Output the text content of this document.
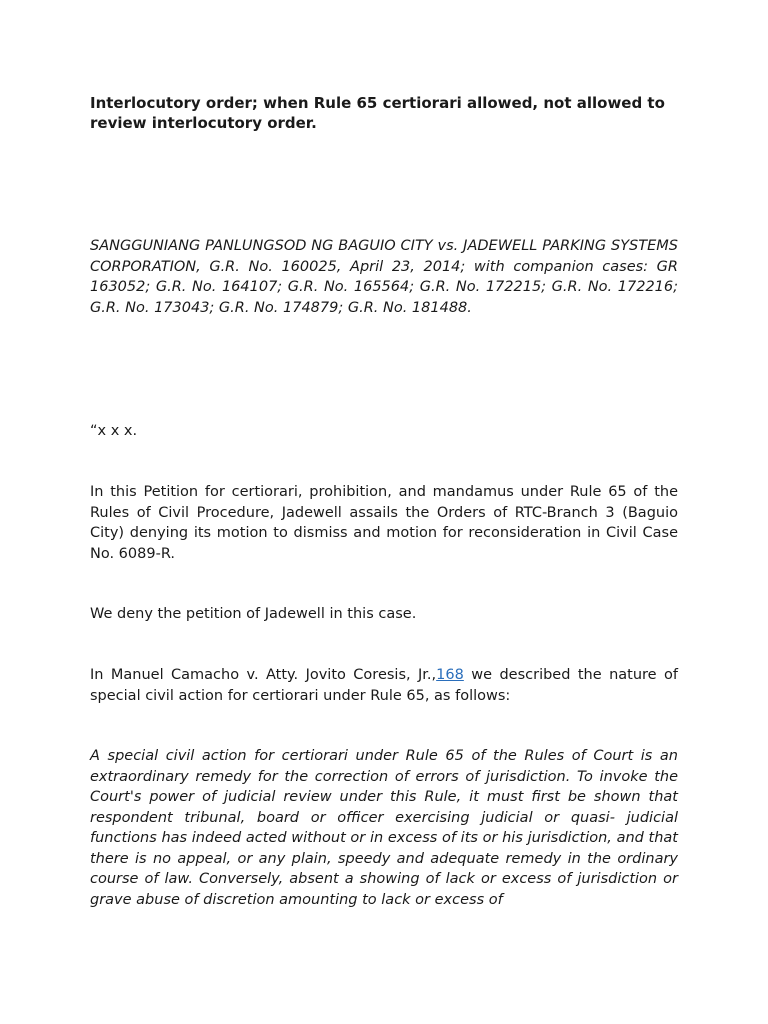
Interlocutory order; when Rule 65 certiorari allowed, not allowed to review interlocutory order.

SANGGUNIANG PANLUNGSOD NG BAGUIO CITY vs. JADEWELL PARKING SYSTEMS CORPORATION, G.R. No. 160025, April 23, 2014; with companion cases: GR 163052; G.R. No. 164107; G.R. No. 165564; G.R. No. 172215; G.R. No. 172216; G.R. No. 173043; G.R. No. 174879; G.R. No. 181488.

“x x x.

In this Petition for certiorari, prohibition, and mandamus under Rule 65 of the Rules of Civil Procedure, Jadewell assails the Orders of RTC-Branch 3 (Baguio City) denying its motion to dismiss and motion for reconsideration in Civil Case No. 6089-R.

We deny the petition of Jadewell in this case.

In Manuel Camacho v. Atty. Jovito Coresis, Jr.,168 we described the nature of special civil action for certiorari under Rule 65, as follows:

A special civil action for certiorari under Rule 65 of the Rules of Court is an extraordinary remedy for the correction of errors of jurisdiction. To invoke the Court's power of judicial review under this Rule, it must first be shown that respondent tribunal, board or officer exercising judicial or quasi- judicial functions has indeed acted without or in excess of its or his jurisdiction, and that there is no appeal, or any plain, speedy and adequate remedy in the ordinary course of law. Conversely, absent a showing of lack or excess of jurisdiction or grave abuse of discretion amounting to lack or excess of
